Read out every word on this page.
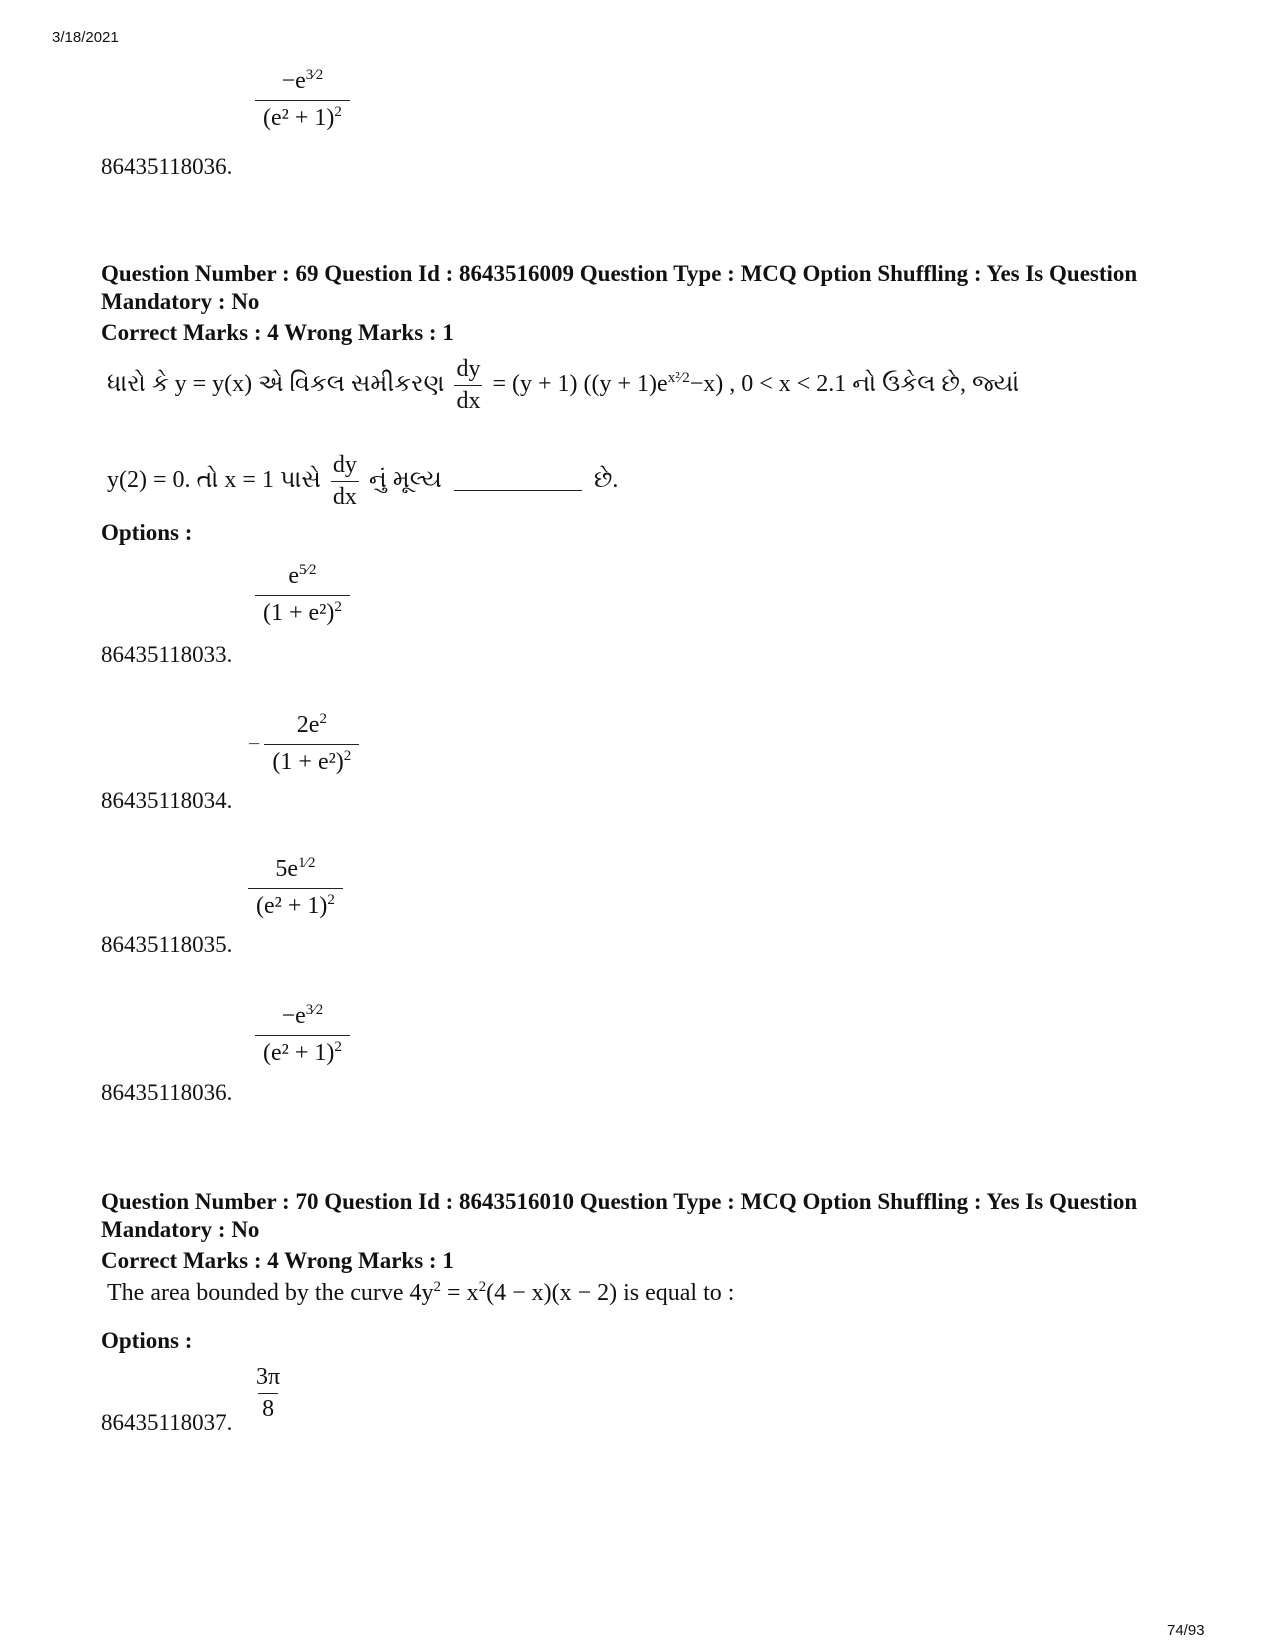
3/18/2021
74/93
$\frac{-e^{3⁄2}}{(e^2 + 1)^2}$
86435118036.
Question Number : 69 Question Id : 8643516009 Question Type : MCQ Option Shuffling : Yes Is Question Mandatory : No
Correct Marks : 4 Wrong Marks : 1
ધારો કે y = y(x) એ વિકલ સમીકરણ $\frac{dy}{dx} = (y + 1) ((y + 1)e^{x^2⁄2}-x)$ , 0 < x < 2.1 નો ઉકેલ છે, જ્યાં
y(2) = 0. તો x = 1 પાસે $\frac{dy}{dx}$ નું મૂલ્ય	છે.
Options :
$\frac{e^{5⁄2}}{(1 + e^2)^2}$
86435118033.
− $\frac{2e^2}{(1 + e^2)^2}$
86435118034.
$\frac{5e^{1⁄2}}{(e^2 + 1)^2}$
86435118035.
$\frac{-e^{3⁄2}}{(e^2 + 1)^2}$
86435118036.
Question Number : 70 Question Id : 8643516010 Question Type : MCQ Option Shuffling : Yes Is Question Mandatory : No
Correct Marks : 4 Wrong Marks : 1
The area bounded by the curve $4y^2 = x^2(4 - x)(x - 2)$ is equal to :
Options :
$\frac{3\pi}{8}$
86435118037.
